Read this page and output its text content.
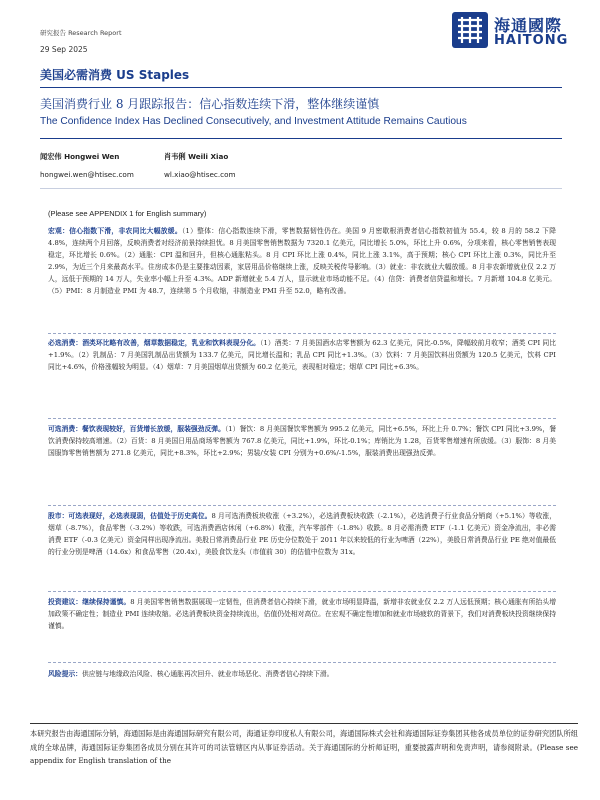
研究报告 Research Report
29 Sep 2025
海通國際
HAITONG
美国必需消费 US Staples
美国消费行业 8 月跟踪报告：信心指数连续下滑，整体继续谨慎
The Confidence Index Has Declined Consecutively, and Investment Attitude Remains Cautious
闻宏伟 Hongwei Wen
hongwei.wen@htisec.com
肖韦俐 Weili Xiao
wl.xiao@htisec.com
(Please see APPENDIX 1 for English summary)
宏观：信心指数下滑，非农同比大幅放缓。（1）整体：信心指数连续下滑，零售数据韧性仍在。美国 9 月密歇根消费者信心指数初值为 55.4，较 8 月的 58.2 下降 4.8%，连续两个月回落，反映消费者对经济前景持续担忧。8 月美国零售销售数据为 7320.1 亿美元，同比增长 5.0%，环比上升 0.6%，分项来看，核心零售销售表现稳定，环比增长 0.6%。（2）通胀：CPI 温和回升，但核心通胀粘头。8 月 CPI 环比上涨 0.4%，同比上涨 3.1%，高于预期；核心 CPI 环比上涨 0.3%，同比升至 2.9%，为近三个月来最高水平。住房成本仍是主要推动因素，家居用品价格继续上涨，反映关税传导影响。（3）就业：非农就业大幅放缓。8 月非农新增就业仅 2.2 万人，远低于预期的 14 万人，失业率小幅上升至 4.3%。ADP 新增就业 5.4 万人，显示就业市场动能不足。（4）信贷：消费者信贷温和增长。7 月新增 104.8 亿美元。（5）PMI：8 月制造业 PMI 为 48.7，连续第 5 个月收缩，非制造业 PMI 升至 52.0，略有改善。
必选消费：酒类环比略有改善，烟草数据稳定，乳业和饮料表现分化。（1）酒类：7 月美国酒水店零售额为 62.3 亿美元，同比-0.5%，降幅较前月收窄；酒类 CPI 同比+1.9%。（2）乳制品：7 月美国乳制品出货额为 133.7 亿美元，同比增长温和；乳品 CPI 同比+1.3%。（3）饮料：7 月美国饮料出货额为 120.5 亿美元，饮料 CPI 同比+4.6%，价格涨幅较为明显。（4）烟草：7 月美国烟草出货额为 60.2 亿美元，表现相对稳定；烟草 CPI 同比+6.3%。
可选消费：餐饮表现较好，百货增长放缓，服装强劲反弹。（1）餐饮：8 月美国餐饮零售额为 995.2 亿美元，同比+6.5%，环比上升 0.7%；餐饮 CPI 同比+3.9%，餐饮消费保持较高增速。（2）百货：8 月美国日用品商场零售额为 767.8 亿美元，同比+1.9%，环比-0.1%；库销比为 1.28，百货零售增速有所放缓。（3）服饰：8 月美国服饰零售销售额为 271.8 亿美元，同比+8.3%，环比+2.9%；男装/女装 CPI 分别为+0.6%/-1.5%，服装消费出现强劲反弹。
股市：可选表现好，必选表现弱，估值处于历史高位。8 月可选消费板块收涨（+3.2%），必选消费板块收跌（-2.1%），必选消费子行业食品分销商（+5.1%）等收涨，烟草（-8.7%），食品零售（-3.2%）等收跌，可选消费酒店休闲（+6.8%）收涨，汽车零部件（-1.8%）收跌。8 月必需消费 ETF（-1.1 亿美元）资金净流出，非必需消费 ETF（-0.3 亿美元）资金同样出现净流出。美股日常消费品行业 PE 历史分位数处于 2011 年以来较低的行业为啤酒（22%），美股日常消费品行业 PE 绝对值最低的行业分别是啤酒（14.6x）和食品零售（20.4x），美股食饮龙头（市值前 30）的估值中位数为 31x。
投资建议：继续保持谨慎。8 月美国零售销售数据展现一定韧性，但消费者信心持续下滑，就业市场明显降温，新增非农就业仅 2.2 万人远低预期；核心通胀有所抬头增加政策不确定性；制造业 PMI 连续收缩。必选消费板块资金持续流出，估值仍处相对高位。在宏观不确定性增加和就业市场疲软的背景下，我们对消费板块投资继续保持谨慎。
风险提示：供应链与地缘政治风险、核心通胀再次回升、就业市场恶化、消费者信心持续下滑。
本研究报告由海通国际分销，海通国际是由海通国际研究有限公司，海通证券印度私人有限公司，海通国际株式会社和海通国际证券集团其他各成员单位的证券研究团队所组成的全球品牌，海通国际证券集团各成员分别在其许可的司法管辖区内从事证券活动。关于海通国际的分析师证明，重要披露声明和免责声明，请参阅附录。(Please see appendix for English translation of the
